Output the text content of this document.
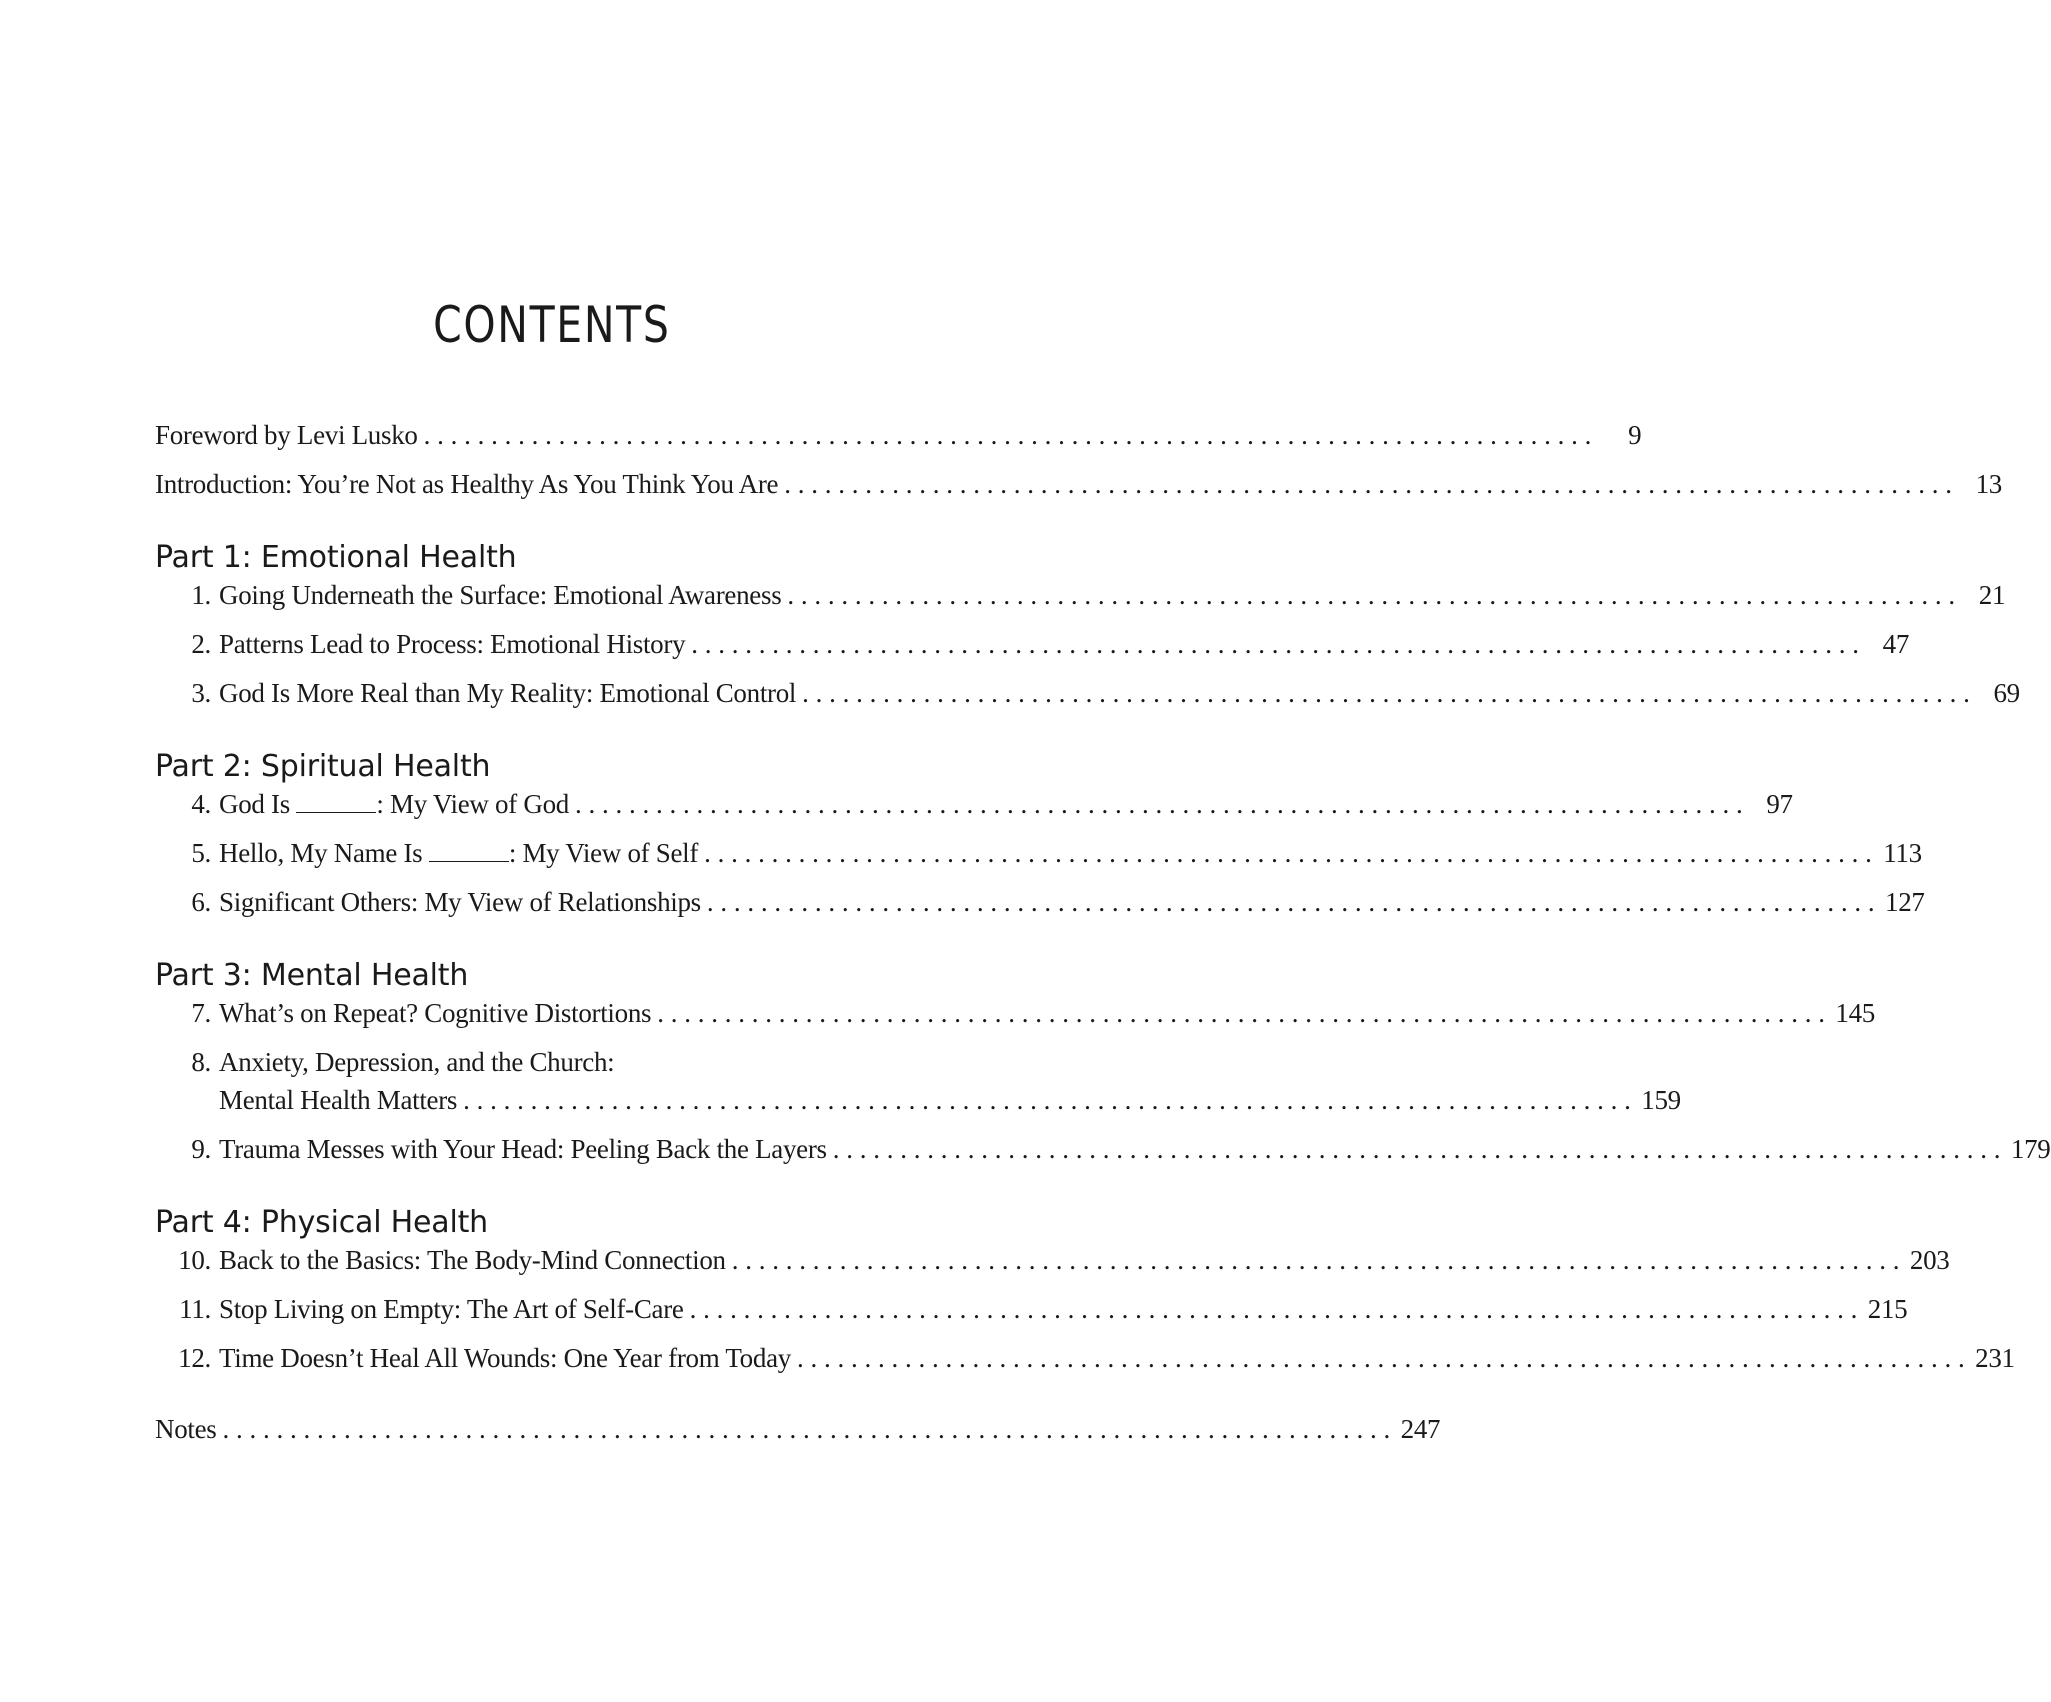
CONTENTS
Foreword by Levi Lusko . . .	9
Introduction: You’re Not as Healthy As You Think You Are . . .	13
Part 1: Emotional Health
1. Going Underneath the Surface: Emotional Awareness . . .	21
2. Patterns Lead to Process: Emotional History . . .	47
3. God Is More Real than My Reality: Emotional Control . . .	69
Part 2: Spiritual Health
4. God Is	: My View of God . . .	97
5. Hello, My Name Is	: My View of Self . . .	113
6. Significant Others: My View of Relationships . . .	127
Part 3: Mental Health
7. What’s on Repeat? Cognitive Distortions . . .	145
8. Anxiety, Depression, and the Church:
Mental Health Matters . . .	159
9. Trauma Messes with Your Head: Peeling Back the Layers . . .	179
Part 4: Physical Health
10. Back to the Basics: The Body-Mind Connection . . .	203
11. Stop Living on Empty: The Art of Self-Care . . .	215
12. Time Doesn’t Heal All Wounds: One Year from Today . . .	231
Notes . . .	247
